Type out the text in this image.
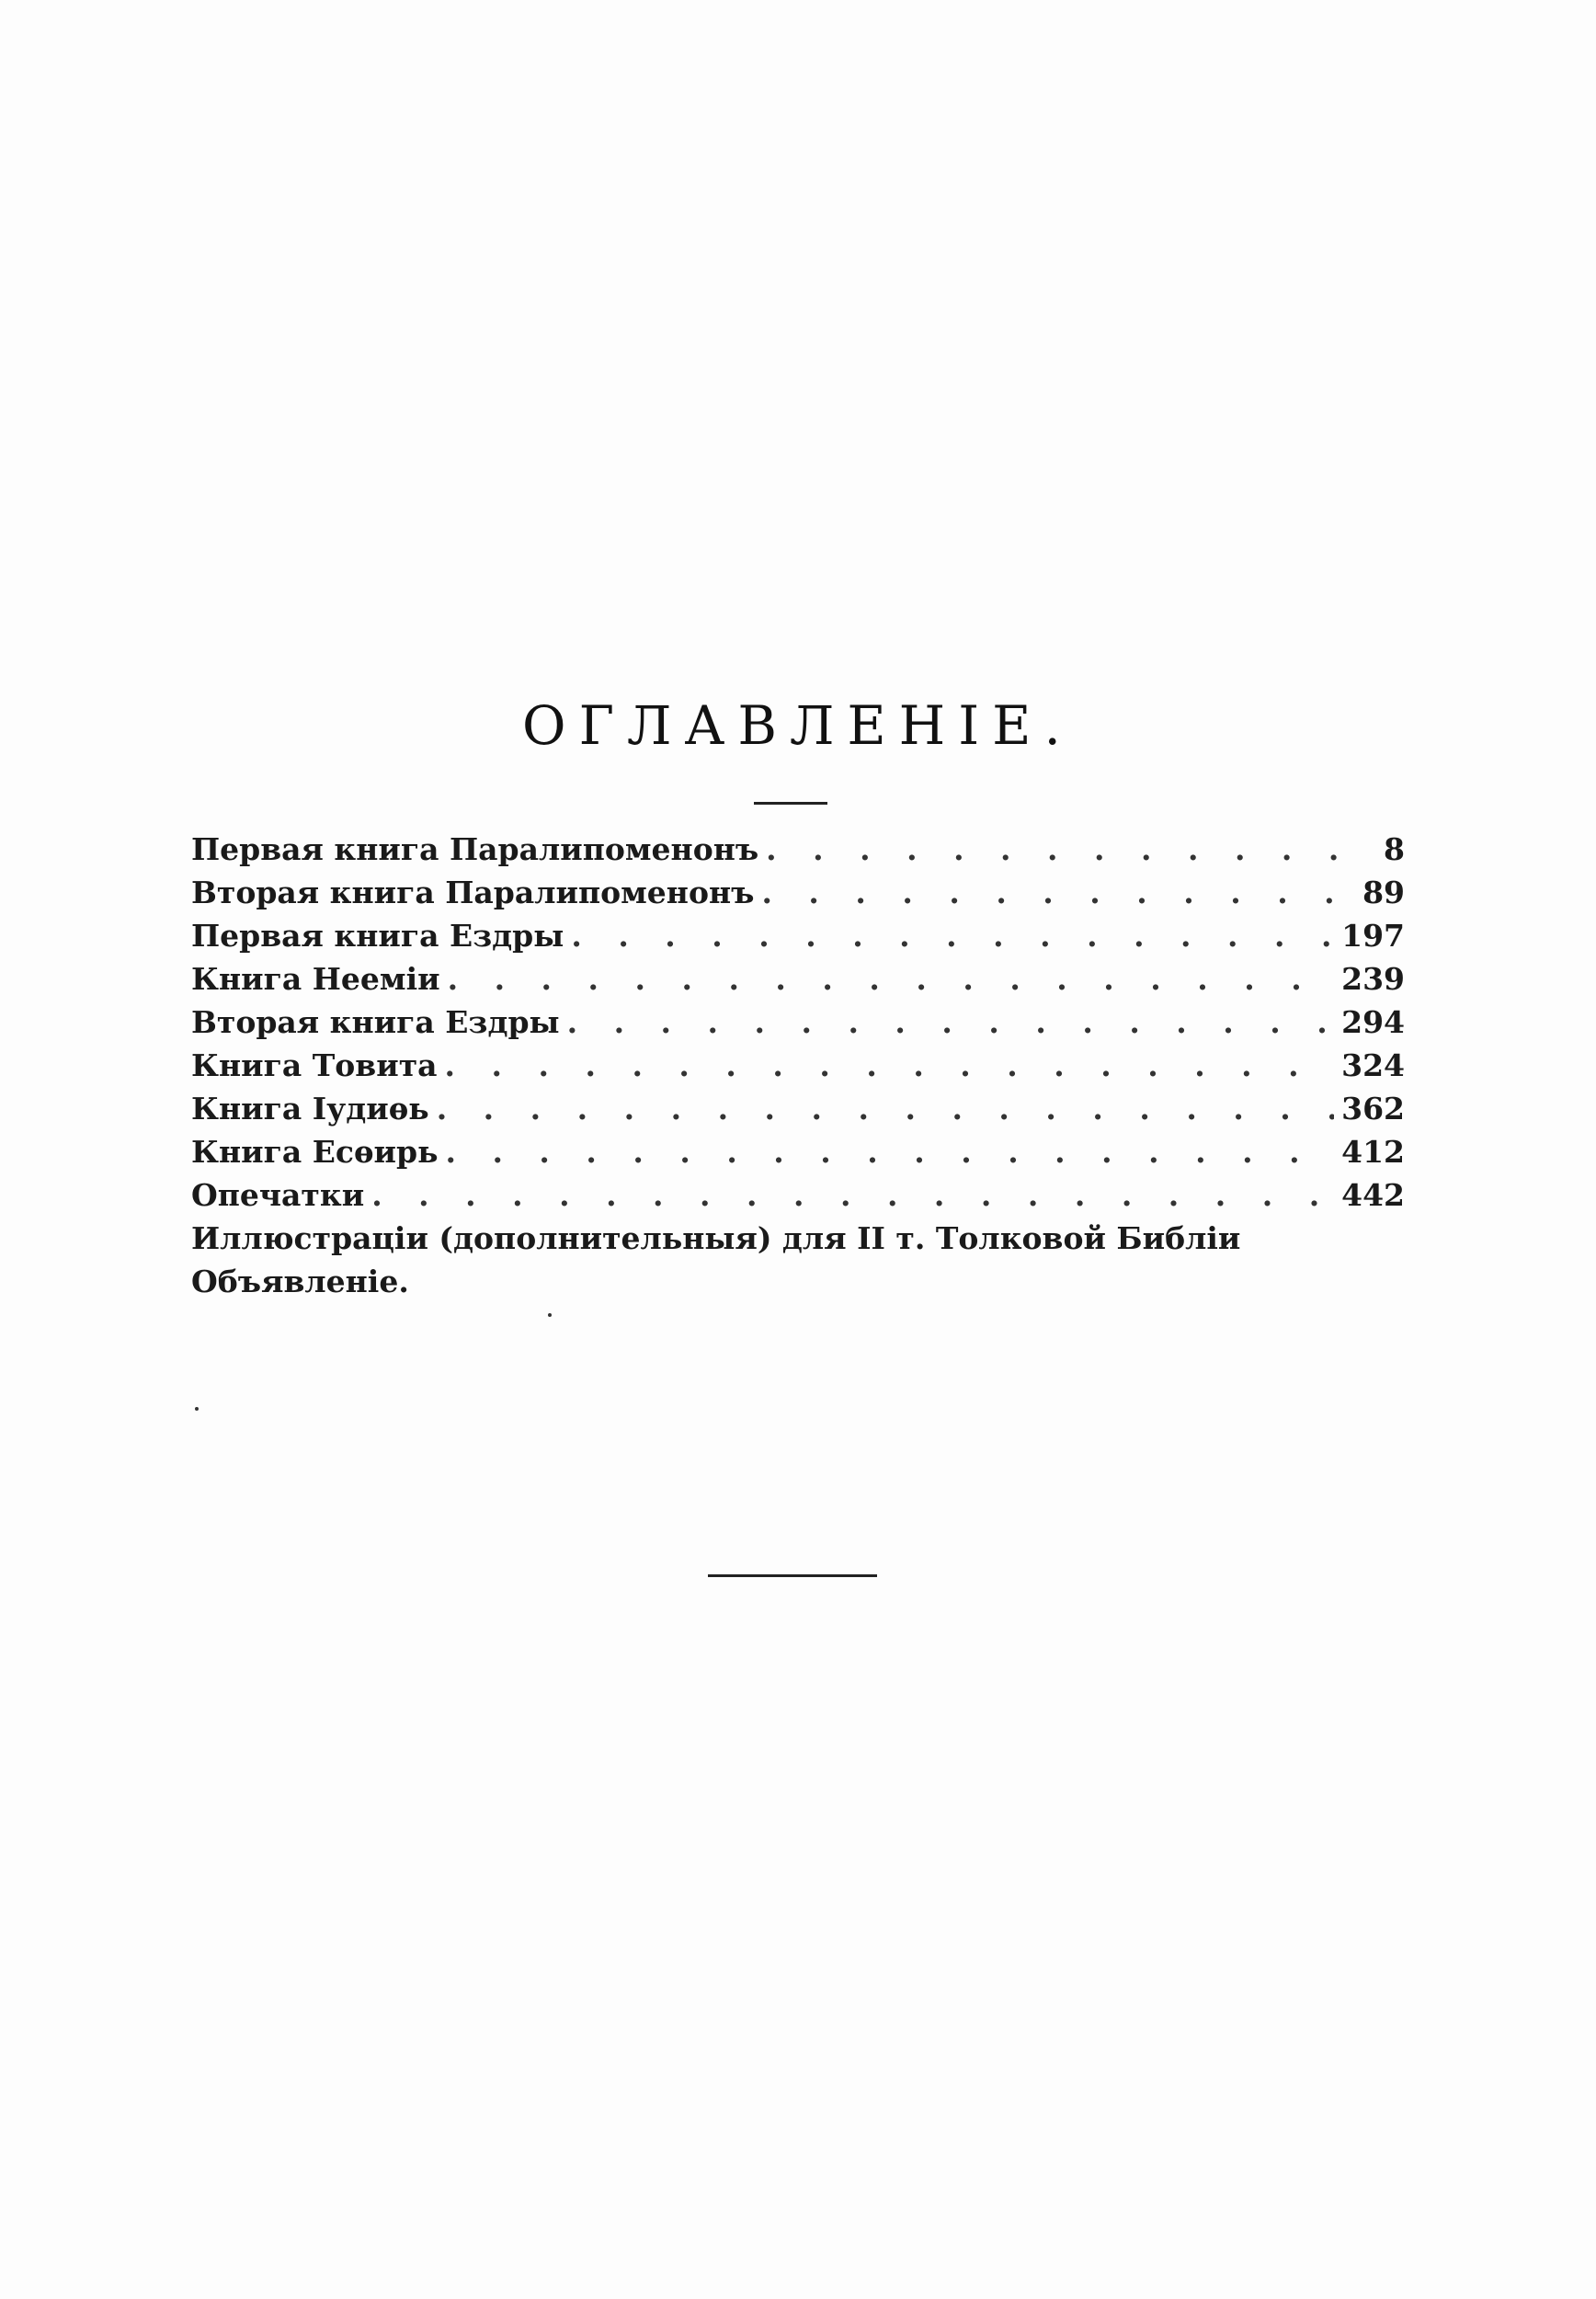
ОГЛАВЛЕНІЕ.
Первая книга Паралипоменонъ . . .	8
Вторая книга Паралипоменонъ . . .	89
Первая книга Ездры . . .	197
Книга Нееміи . . .	239
Вторая книга Ездры . . .	294
Книга Товита . . .	324
Книга Іудиѳь . . .	362
Книга Есѳирь . . .	412
Опечатки . . .	442
Иллюстраціи (дополнительныя) для II т. Толковой Библіи
Объявленіе.
